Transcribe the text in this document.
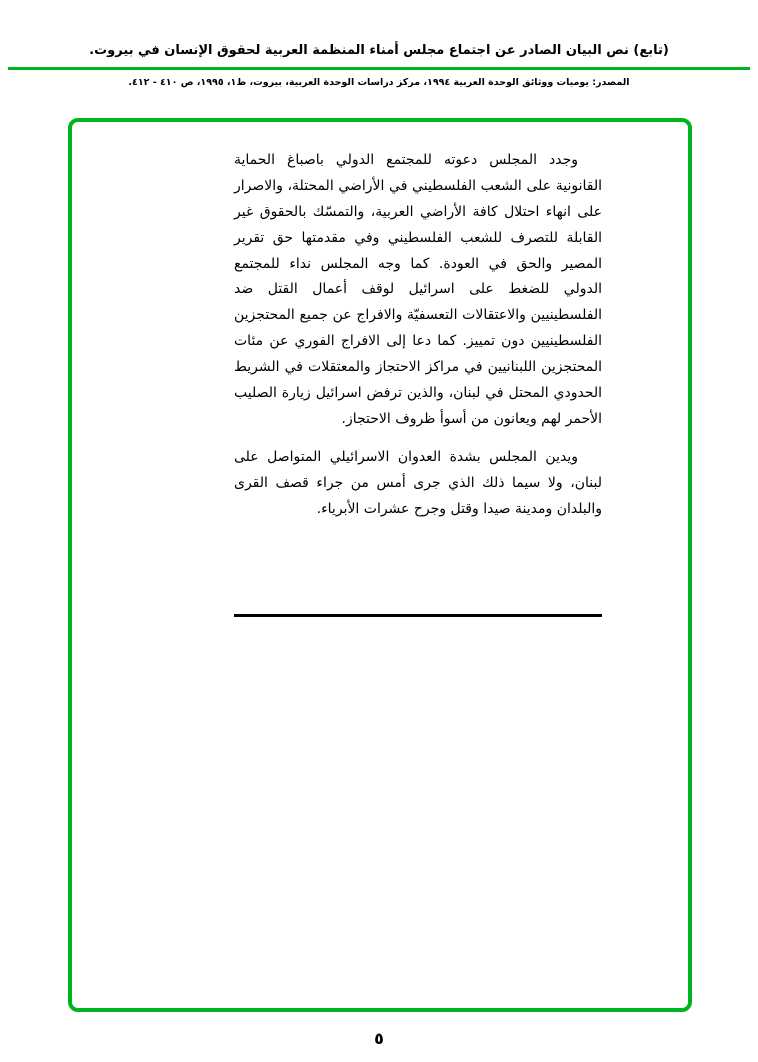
(تابع) نص البيان الصادر عن اجتماع مجلس أمناء المنظمة العربية لحقوق الإنسان في بيروت.
المصدر: يوميات ووثائق الوحدة العربية ١٩٩٤، مركز دراسات الوحدة العربية، بيروت، ط١، ١٩٩٥، ص ٤١٠ - ٤١٢.

وجدد المجلس دعوته للمجتمع الدولي باصباغ الحماية القانونية على الشعب الفلسطيني في الأراضي المحتلة، والاصرار على انهاء احتلال كافة الأراضي العربية، والتمسّك بالحقوق غير القابلة للتصرف للشعب الفلسطيني وفي مقدمتها حق تقرير المصير والحق في العودة. كما وجه المجلس نداء للمجتمع الدولي للضغط على اسرائيل لوقف أعمال القتل ضد الفلسطينيين والاعتقالات التعسفيّة والافراج عن جميع المحتجزين الفلسطينيين دون تمييز. كما دعا إلى الافراج الفوري عن مئات المحتجزين اللبنانيين في مراكز الاحتجاز والمعتقلات في الشريط الحدودي المحتل في لبنان، والذين ترفض اسرائيل زيارة الصليب الأحمر لهم ويعانون من أسوأ ظروف الاحتجاز.

ويدين المجلس بشدة العدوان الاسرائيلي المتواصل على لبنان، ولا سيما ذلك الذي جرى أمس من جراء قصف القرى والبلدان ومدينة صيدا وقتل وجرح عشرات الأبرياء.

٥
